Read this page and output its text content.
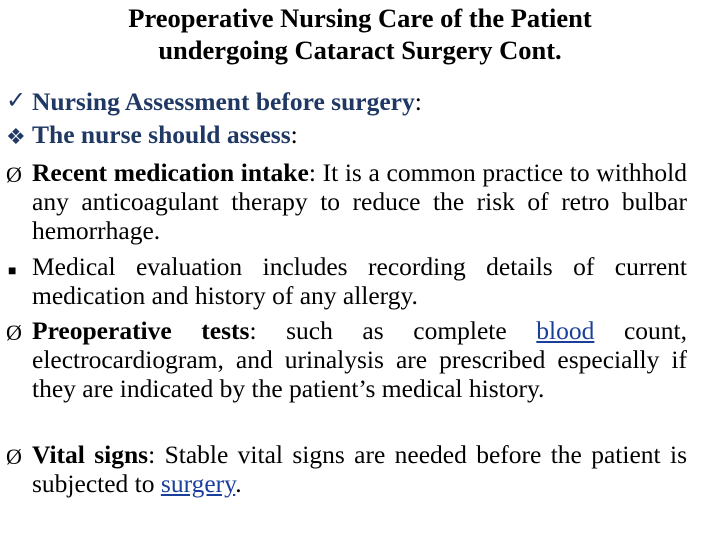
Preoperative Nursing Care of the Patient
undergoing Cataract Surgery Cont.
✓ Nursing Assessment before surgery:
❖ The nurse should assess:
Ø Recent medication intake: It is a common practice to withhold any anticoagulant therapy to reduce the risk of retro bulbar hemorrhage.
■ Medical evaluation includes recording details of current medication and history of any allergy.
Ø Preoperative tests: such as complete blood count, electrocardiogram, and urinalysis are prescribed especially if they are indicated by the patient’s medical history.
Ø Vital signs: Stable vital signs are needed before the patient is subjected to surgery.
